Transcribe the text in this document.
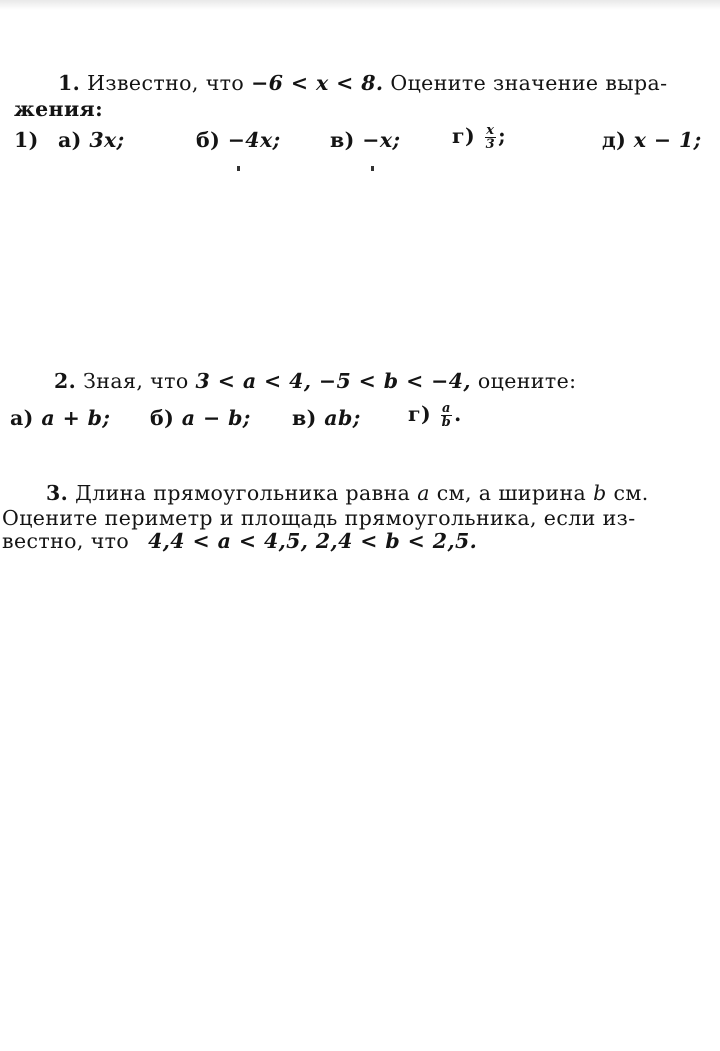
1. Известно, что −6 < x < 8. Оцените значение выра-
жения:
1) а) 3x;	б) −4x; в) −x;	$г) \frac{x}{3}$ ;	д) x − 1;
2. Зная, что 3 < a < 4, −5 < b < −4, оцените:
а) a + b; б) a − b; в) ab; $г) \frac{a}{b}$ .
3. Длина прямоугольника равна a см, а ширина b см.
Оцените периметр и площадь прямоугольника, если из-
вестно, что 4,4 < a < 4,5, 2,4 < b < 2,5.
